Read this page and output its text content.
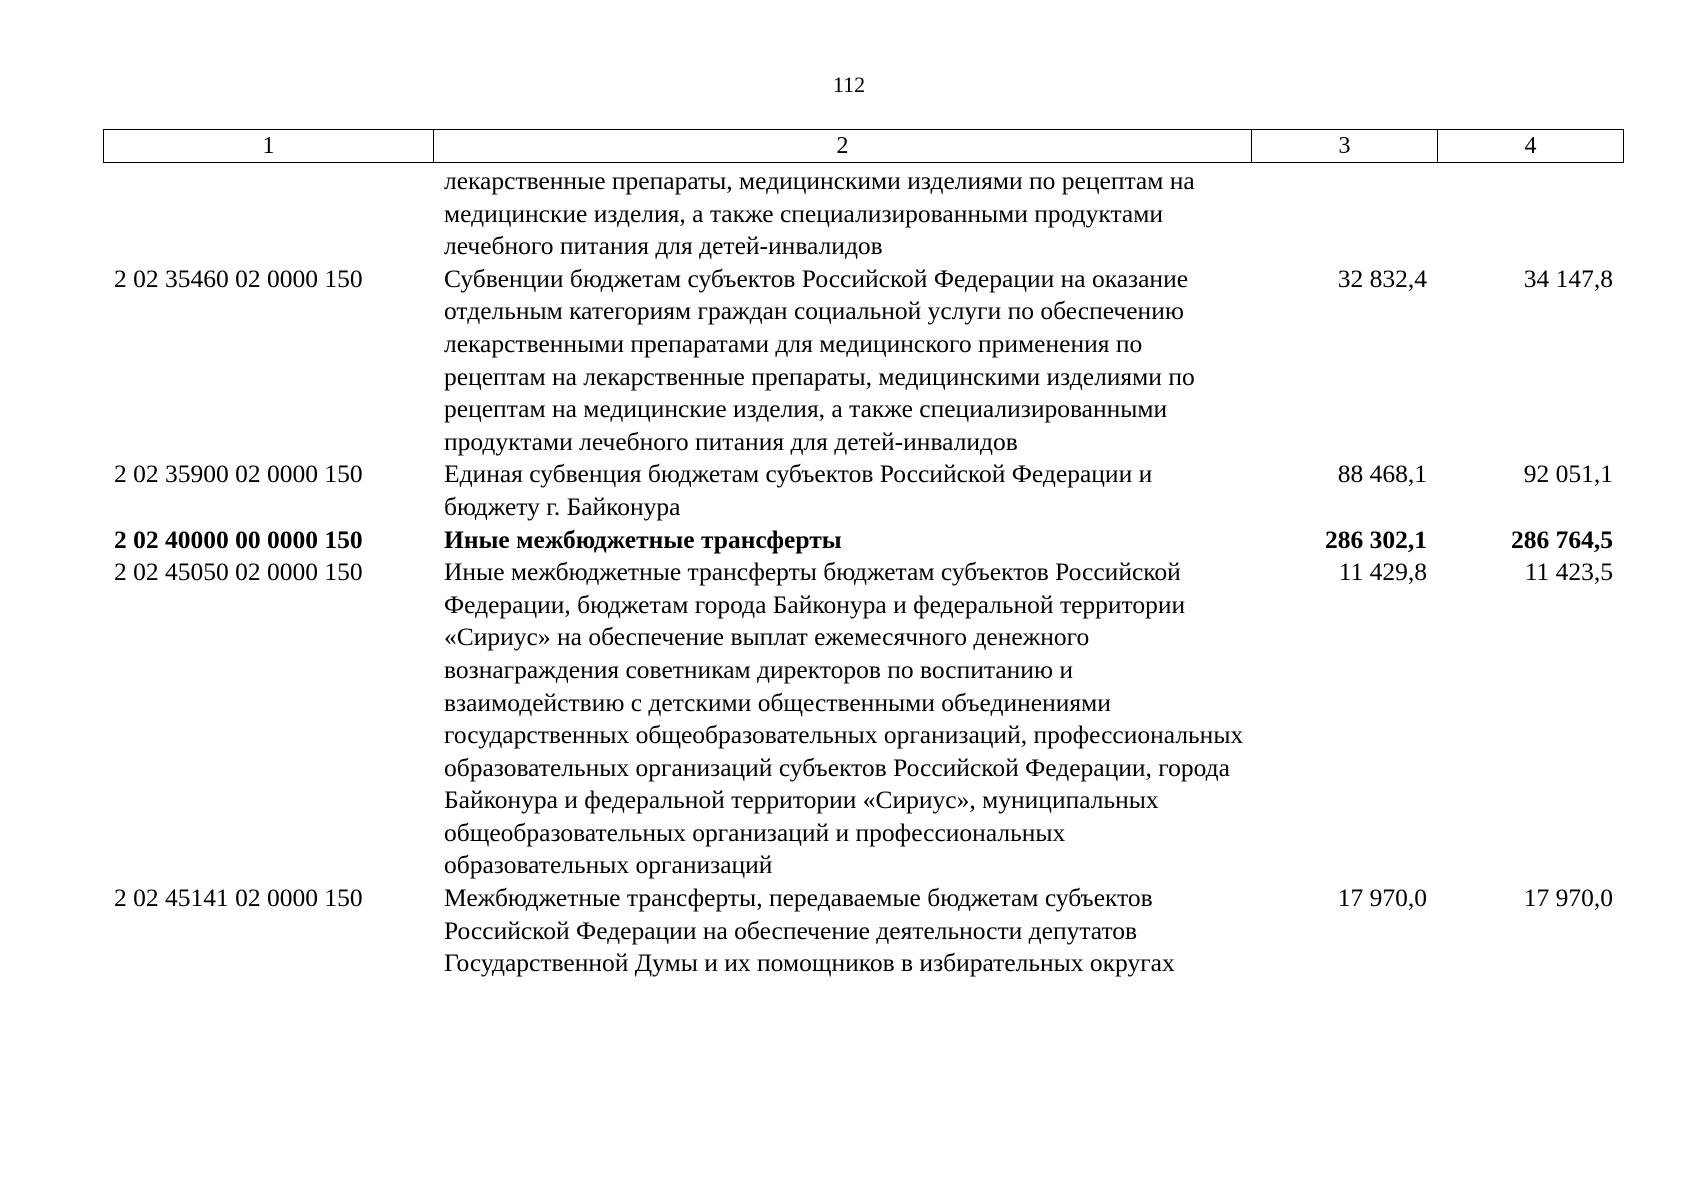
112
1	2	3	4
	лекарственные препараты, медицинскими изделиями по рецептам на медицинские изделия, а также специализированными продуктами лечебного питания для детей-инвалидов		
2 02 35460 02 0000 150	Субвенции бюджетам субъектов Российской Федерации на оказание отдельным категориям граждан социальной услуги по обеспечению лекарственными препаратами для медицинского применения по рецептам на лекарственные препараты, медицинскими изделиями по рецептам на медицинские изделия, а также специализированными продуктами лечебного питания для детей-инвалидов	32 832,4	34 147,8
2 02 35900 02 0000 150	Единая субвенция бюджетам субъектов Российской Федерации и бюджету г. Байконура	88 468,1	92 051,1
2 02 40000 00 0000 150	Иные межбюджетные трансферты	286 302,1	286 764,5
2 02 45050 02 0000 150	Иные межбюджетные трансферты бюджетам субъектов Российской Федерации, бюджетам города Байконура и федеральной территории «Сириус» на обеспечение выплат ежемесячного денежного вознаграждения советникам директоров по воспитанию и взаимодействию с детскими общественными объединениями государственных общеобразовательных организаций, профессиональных образовательных организаций субъектов Российской Федерации, города Байконура и федеральной территории «Сириус», муниципальных общеобразовательных организаций и профессиональных образовательных организаций	11 429,8	11 423,5
2 02 45141 02 0000 150	Межбюджетные трансферты, передаваемые бюджетам субъектов Российской Федерации на обеспечение деятельности депутатов Государственной Думы и их помощников в избирательных округах	17 970,0	17 970,0
